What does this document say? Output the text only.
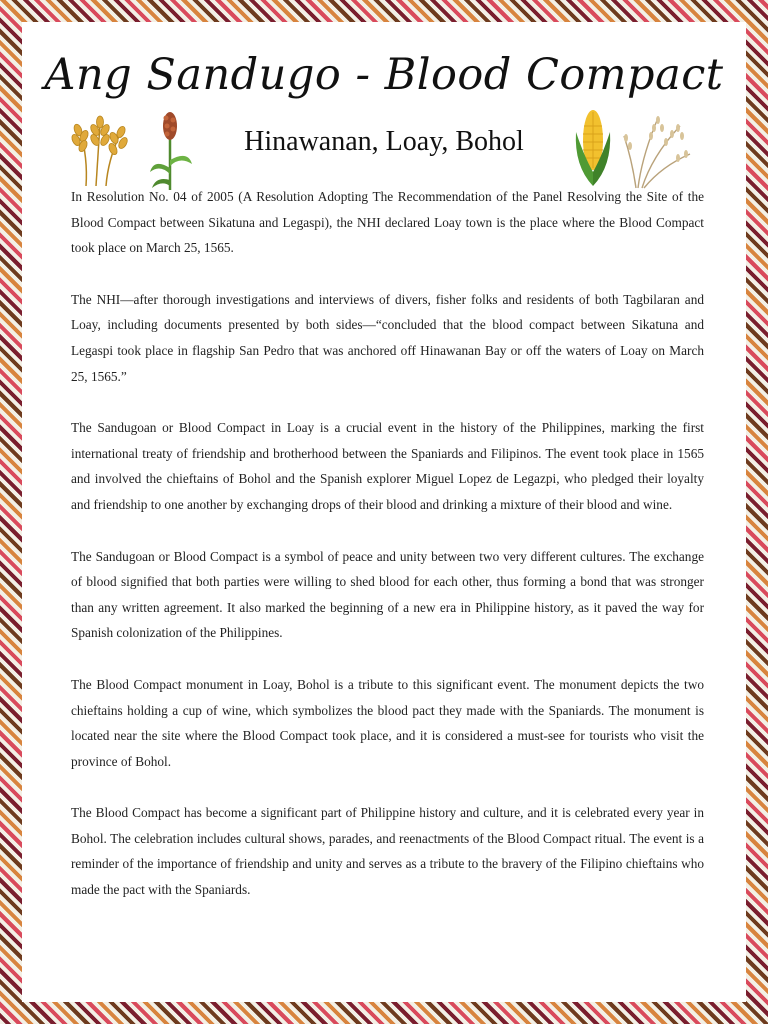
Ang Sandugo - Blood Compact
Hinawanan, Loay, Bohol

In Resolution No. 04 of 2005 (A Resolution Adopting The Recommendation of the Panel Resolving the Site of the Blood Compact between Sikatuna and Legaspi), the NHI declared Loay town is the place where the Blood Compact took place on March 25, 1565.

The NHI—after thorough investigations and interviews of divers, fisher folks and residents of both Tagbilaran and Loay, including documents presented by both sides—“concluded that the blood compact between Sikatuna and Legaspi took place in flagship San Pedro that was anchored off Hinawanan Bay or off the waters of Loay on March 25, 1565.”

The Sandugoan or Blood Compact in Loay is a crucial event in the history of the Philippines, marking the first international treaty of friendship and brotherhood between the Spaniards and Filipinos. The event took place in 1565 and involved the chieftains of Bohol and the Spanish explorer Miguel Lopez de Legazpi, who pledged their loyalty and friendship to one another by exchanging drops of their blood and drinking a mixture of their blood and wine.

The Sandugoan or Blood Compact is a symbol of peace and unity between two very different cultures. The exchange of blood signified that both parties were willing to shed blood for each other, thus forming a bond that was stronger than any written agreement. It also marked the beginning of a new era in Philippine history, as it paved the way for Spanish colonization of the Philippines.

The Blood Compact monument in Loay, Bohol is a tribute to this significant event. The monument depicts the two chieftains holding a cup of wine, which symbolizes the blood pact they made with the Spaniards. The monument is located near the site where the Blood Compact took place, and it is considered a must-see for tourists who visit the province of Bohol.

The Blood Compact has become a significant part of Philippine history and culture, and it is celebrated every year in Bohol. The celebration includes cultural shows, parades, and reenactments of the Blood Compact ritual. The event is a reminder of the importance of friendship and unity and serves as a tribute to the bravery of the Filipino chieftains who made the pact with the Spaniards.
